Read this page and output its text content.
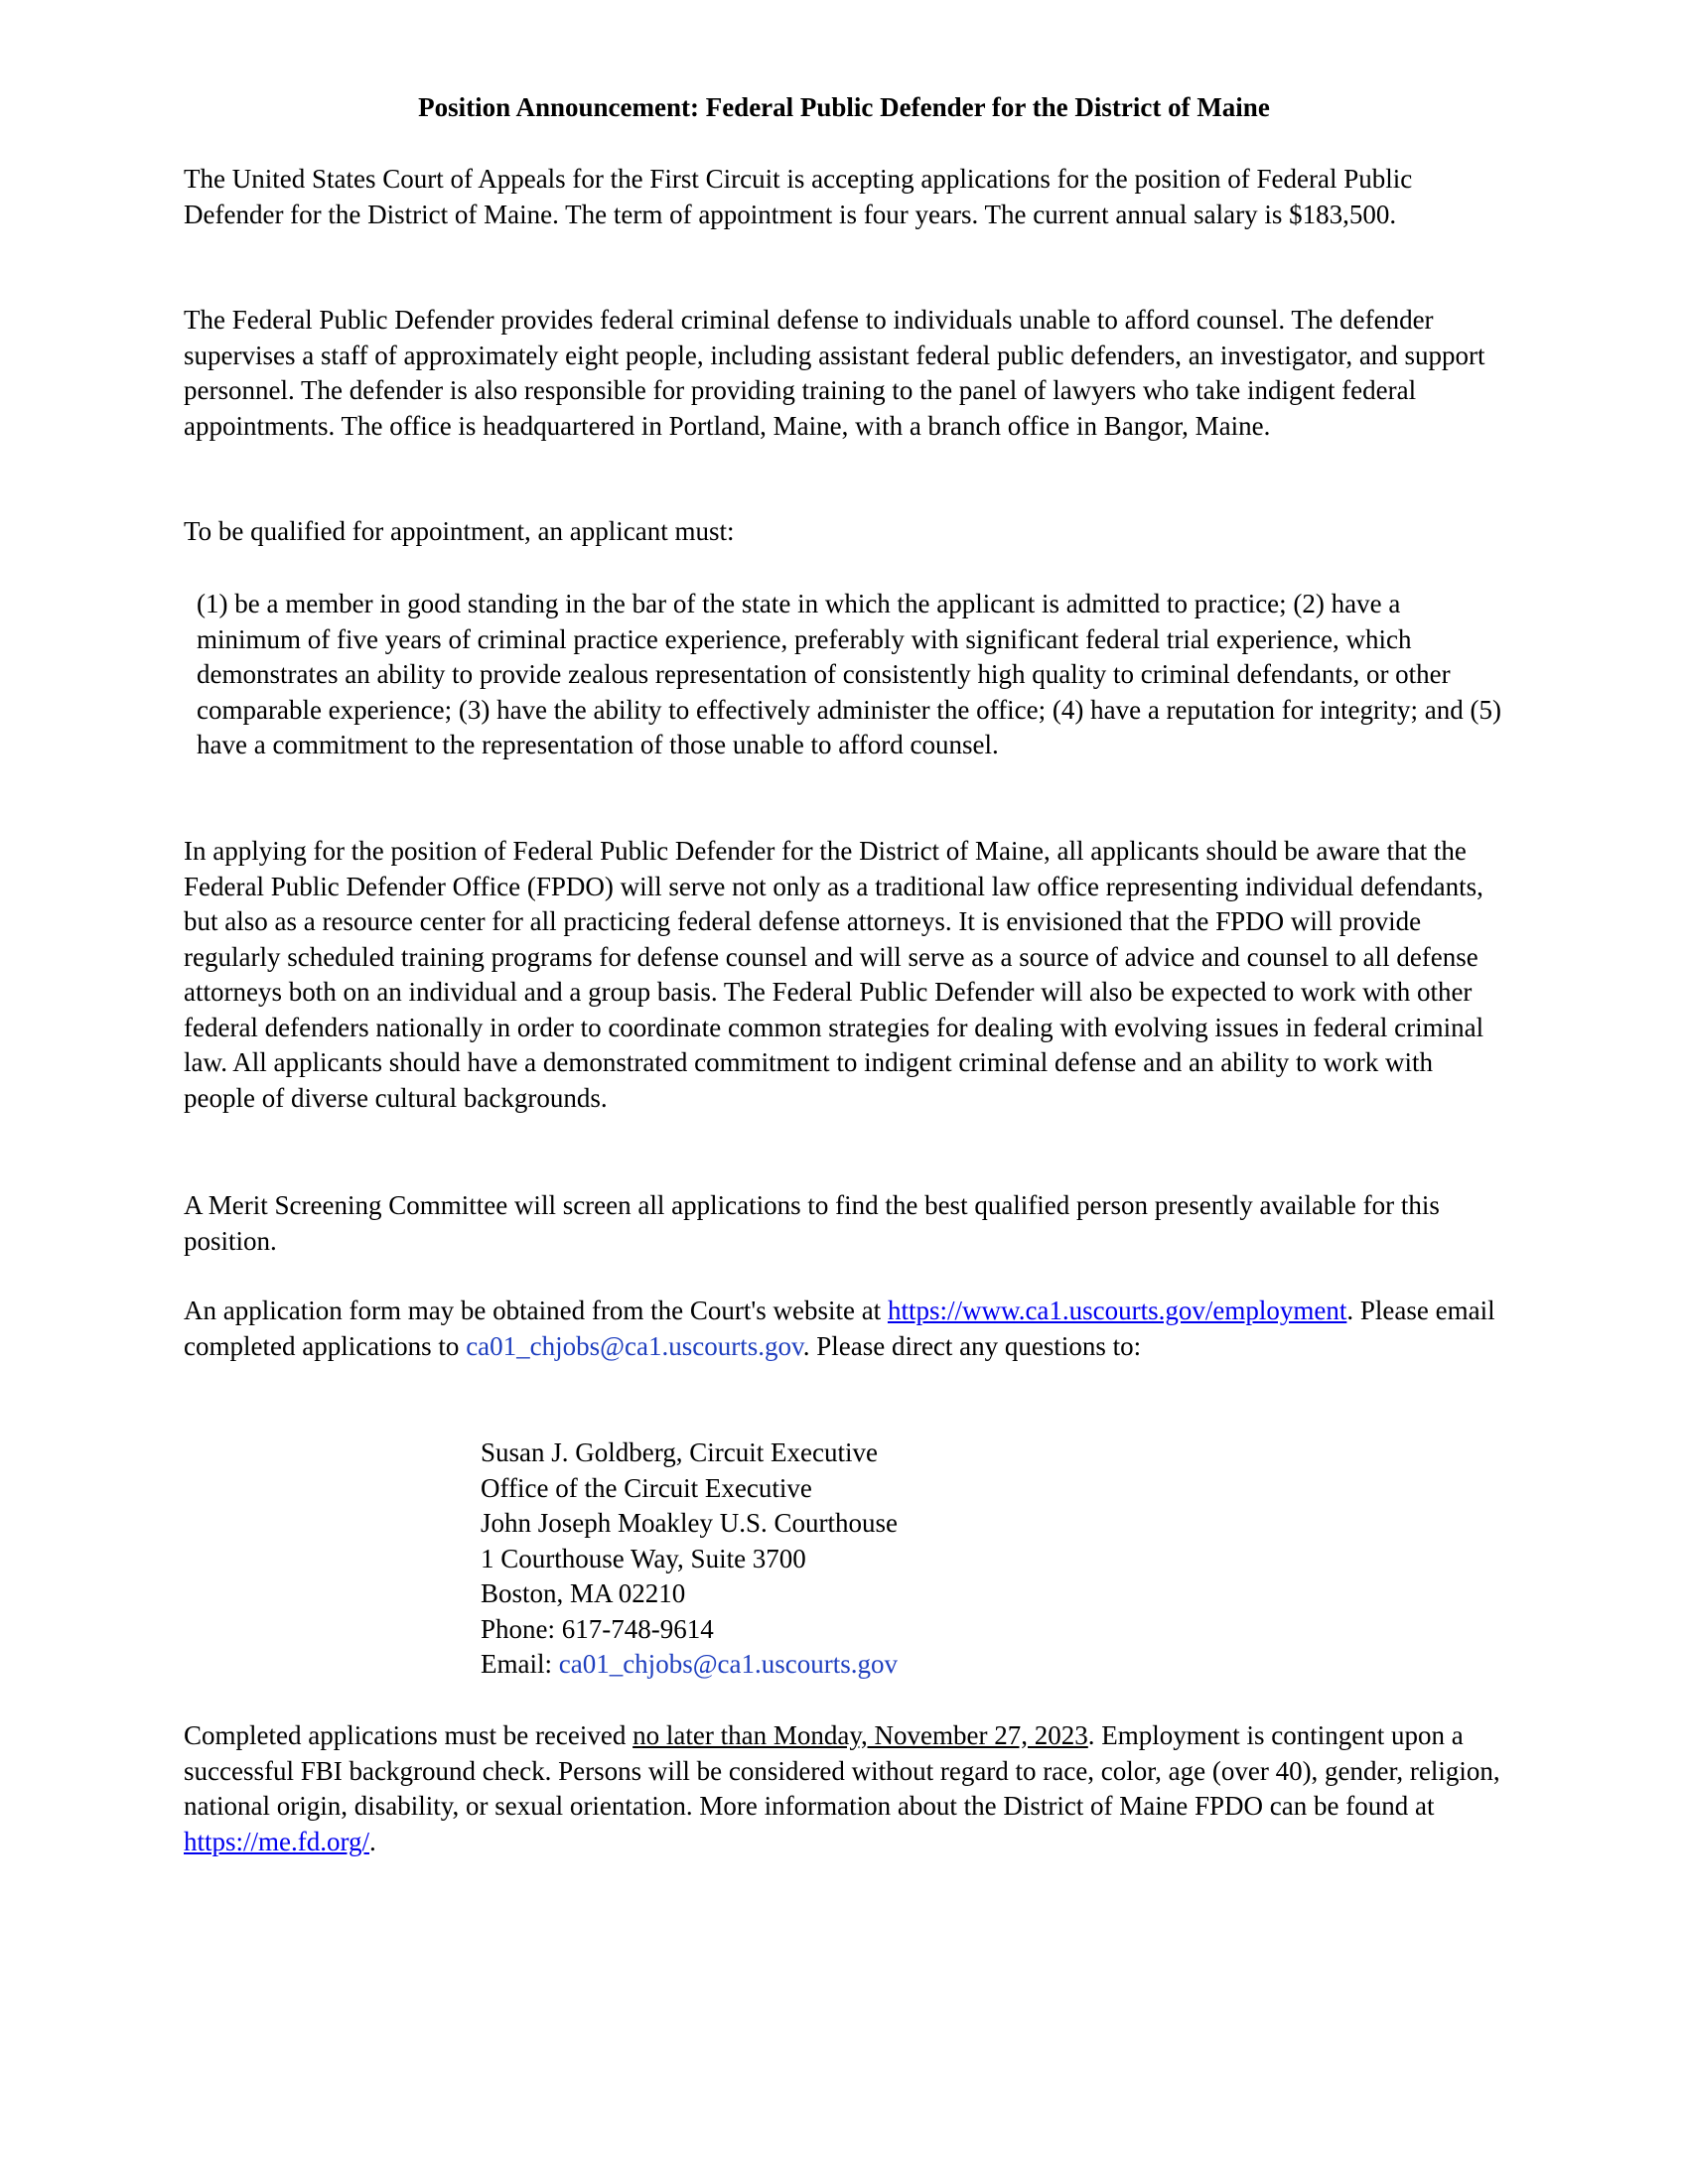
Position Announcement: Federal Public Defender for the District of Maine

The United States Court of Appeals for the First Circuit is accepting applications for the position of Federal Public Defender for the District of Maine. The term of appointment is four years. The current annual salary is $183,500.

The Federal Public Defender provides federal criminal defense to individuals unable to afford counsel. The defender supervises a staff of approximately eight people, including assistant federal public defenders, an investigator, and support personnel. The defender is also responsible for providing training to the panel of lawyers who take indigent federal appointments. The office is headquartered in Portland, Maine, with a branch office in Bangor, Maine.

To be qualified for appointment, an applicant must:

(1) be a member in good standing in the bar of the state in which the applicant is admitted to practice; (2) have a minimum of five years of criminal practice experience, preferably with significant federal trial experience, which demonstrates an ability to provide zealous representation of consistently high quality to criminal defendants, or other comparable experience; (3) have the ability to effectively administer the office; (4) have a reputation for integrity; and (5) have a commitment to the representation of those unable to afford counsel.

In applying for the position of Federal Public Defender for the District of Maine, all applicants should be aware that the Federal Public Defender Office (FPDO) will serve not only as a traditional law office representing individual defendants, but also as a resource center for all practicing federal defense attorneys. It is envisioned that the FPDO will provide regularly scheduled training programs for defense counsel and will serve as a source of advice and counsel to all defense attorneys both on an individual and a group basis. The Federal Public Defender will also be expected to work with other federal defenders nationally in order to coordinate common strategies for dealing with evolving issues in federal criminal law. All applicants should have a demonstrated commitment to indigent criminal defense and an ability to work with people of diverse cultural backgrounds.

A Merit Screening Committee will screen all applications to find the best qualified person presently available for this position.

An application form may be obtained from the Court's website at https://www.ca1.uscourts.gov/employment. Please email completed applications to ca01_chjobs@ca1.uscourts.gov. Please direct any questions to:

Susan J. Goldberg, Circuit Executive
Office of the Circuit Executive
John Joseph Moakley U.S. Courthouse
1 Courthouse Way, Suite 3700
Boston, MA 02210
Phone: 617-748-9614
Email: ca01_chjobs@ca1.uscourts.gov

Completed applications must be received no later than Monday, November 27, 2023. Employment is contingent upon a successful FBI background check. Persons will be considered without regard to race, color, age (over 40), gender, religion, national origin, disability, or sexual orientation. More information about the District of Maine FPDO can be found at https://me.fd.org/.
